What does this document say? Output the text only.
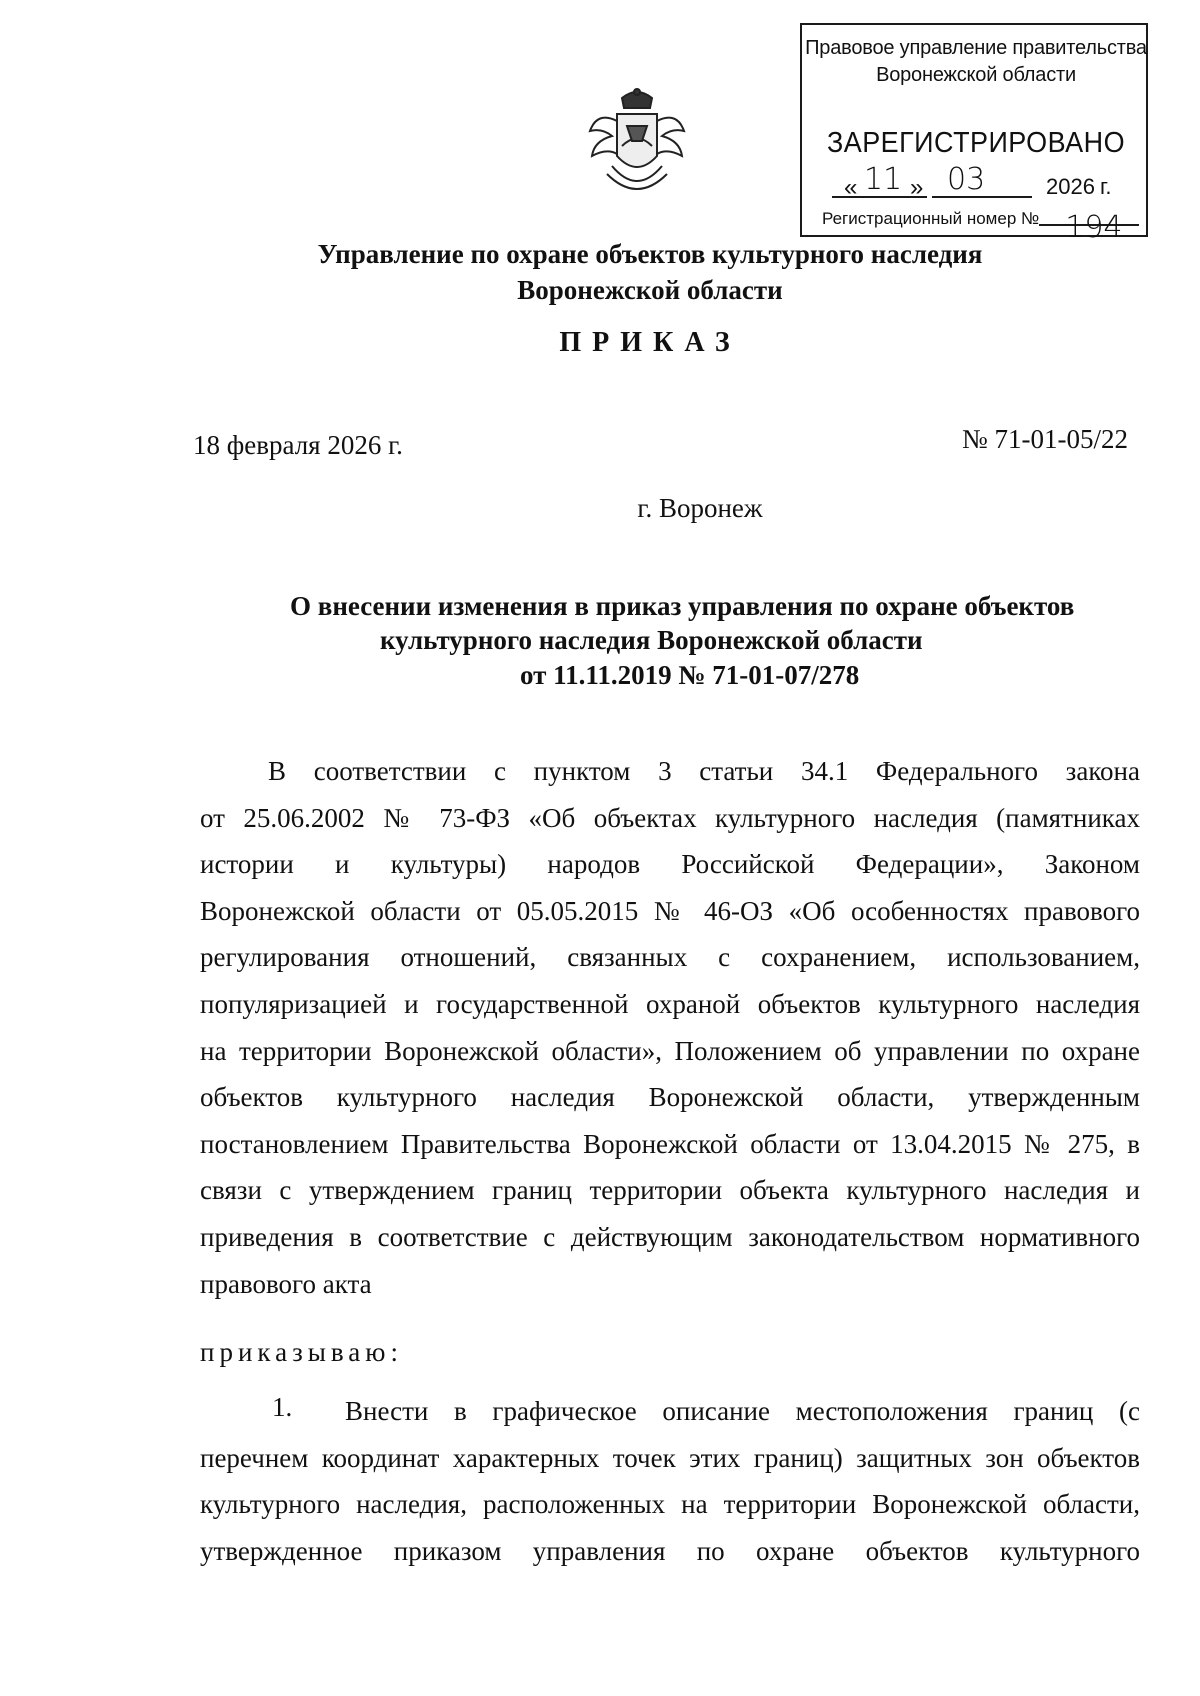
Правовое управление правительства
Воронежской области
ЗАРЕГИСТРИРОВАНО
« 11 » 03	2026 г.
Регистрационный номер № 194
Управление по охране объектов культурного наследия
Воронежской области
ПРИКАЗ
18 февраля 2026 г.	№ 71-01-05/22
г. Воронеж
О внесении изменения в приказ управления по охране объектов
культурного наследия Воронежской области
от 11.11.2019 № 71-01-07/278
В соответствии с пунктом 3 статьи 34.1 Федерального закона
от 25.06.2002 № 73-ФЗ «Об объектах культурного наследия (памятниках
истории и культуры) народов Российской Федерации», Законом
Воронежской области от 05.05.2015 № 46-ОЗ «Об особенностях правового
регулирования отношений, связанных с сохранением, использованием,
популяризацией и государственной охраной объектов культурного наследия
на территории Воронежской области», Положением об управлении по охране
объектов культурного наследия Воронежской области, утвержденным
постановлением Правительства Воронежской области от 13.04.2015 № 275, в
связи с утверждением границ территории объекта культурного наследия и
приведения в соответствие с действующим законодательством нормативного
правового акта
приказываю:
1. Внести в графическое описание местоположения границ (с
перечнем координат характерных точек этих границ) защитных зон объектов
культурного наследия, расположенных на территории Воронежской области,
утвержденное приказом управления по охране объектов культурного
